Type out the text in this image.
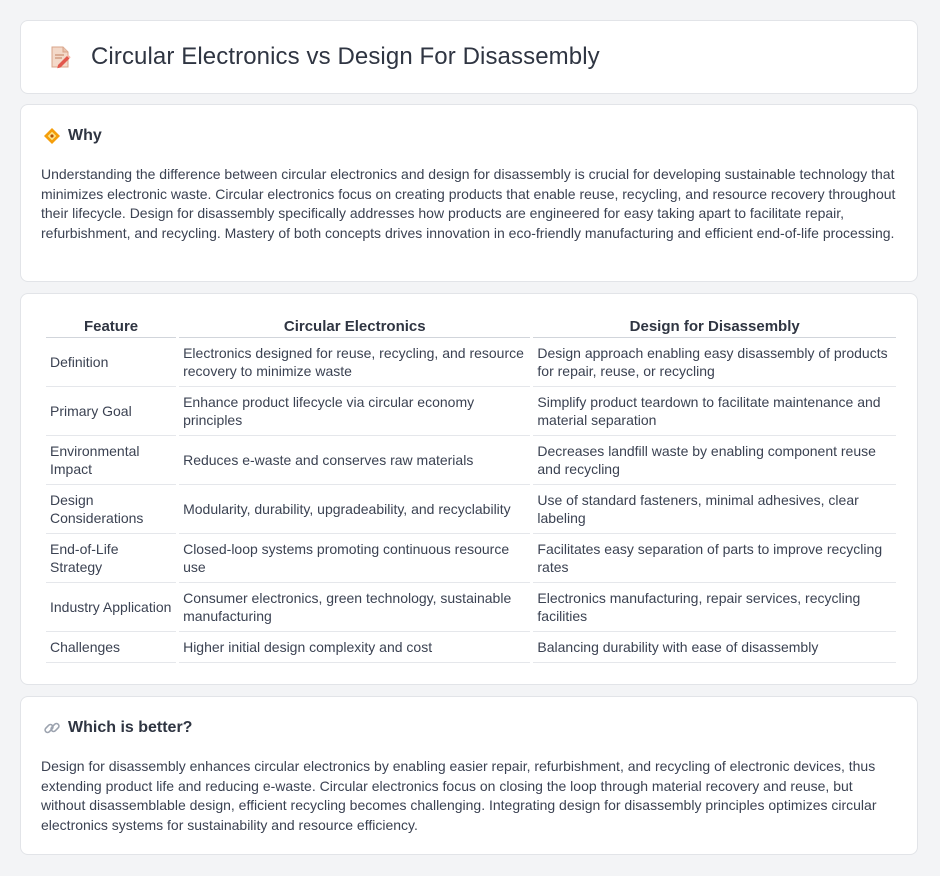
Circular Electronics vs Design For Disassembly
Why
Understanding the difference between circular electronics and design for disassembly is crucial for developing sustainable technology that minimizes electronic waste. Circular electronics focus on creating products that enable reuse, recycling, and resource recovery throughout their lifecycle. Design for disassembly specifically addresses how products are engineered for easy taking apart to facilitate repair, refurbishment, and recycling. Mastery of both concepts drives innovation in eco-friendly manufacturing and efficient end-of-life processing.
Feature	Circular Electronics	Design for Disassembly
Definition	Electronics designed for reuse, recycling, and resource recovery to minimize waste	Design approach enabling easy disassembly of products for repair, reuse, or recycling
Primary Goal	Enhance product lifecycle via circular economy principles	Simplify product teardown to facilitate maintenance and material separation
Environmental Impact	Reduces e-waste and conserves raw materials	Decreases landfill waste by enabling component reuse and recycling
Design Considerations	Modularity, durability, upgradeability, and recyclability	Use of standard fasteners, minimal adhesives, clear labeling
End-of-Life Strategy	Closed-loop systems promoting continuous resource use	Facilitates easy separation of parts to improve recycling rates
Industry Application	Consumer electronics, green technology, sustainable manufacturing	Electronics manufacturing, repair services, recycling facilities
Challenges	Higher initial design complexity and cost	Balancing durability with ease of disassembly
Which is better?
Design for disassembly enhances circular electronics by enabling easier repair, refurbishment, and recycling of electronic devices, thus extending product life and reducing e-waste. Circular electronics focus on closing the loop through material recovery and reuse, but without disassemblable design, efficient recycling becomes challenging. Integrating design for disassembly principles optimizes circular electronics systems for sustainability and resource efficiency.
